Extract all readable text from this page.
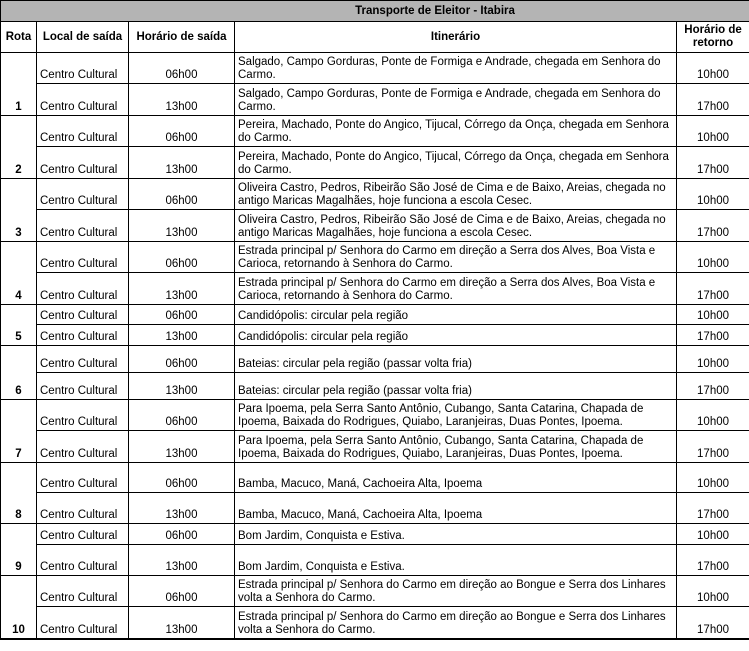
Transporte de Eleitor - Itabira				
Rota	Local de saída	Horário de saída	Itinerário	Horário de retorno
1	Centro Cultural	06h00	Salgado, Campo Gorduras, Ponte de Formiga e Andrade, chegada em Senhora do Carmo.	10h00
	Centro Cultural	13h00	Salgado, Campo Gorduras, Ponte de Formiga e Andrade, chegada em Senhora do Carmo.	17h00
2	Centro Cultural	06h00	Pereira, Machado, Ponte do Angico, Tijucal, Córrego da Onça, chegada em Senhora do Carmo.	10h00
	Centro Cultural	13h00	Pereira, Machado, Ponte do Angico, Tijucal, Córrego da Onça, chegada em Senhora do Carmo.	17h00
3	Centro Cultural	06h00	Oliveira Castro, Pedros, Ribeirão São José de Cima e de Baixo, Areias, chegada no antigo Maricas Magalhães, hoje funciona a escola Cesec.	10h00
	Centro Cultural	13h00	Oliveira Castro, Pedros, Ribeirão São José de Cima e de Baixo, Areias, chegada no antigo Maricas Magalhães, hoje funciona a escola Cesec.	17h00
4	Centro Cultural	06h00	Estrada principal p/ Senhora do Carmo em direção a Serra dos Alves, Boa Vista e Carioca, retornando à Senhora do Carmo.	10h00
	Centro Cultural	13h00	Estrada principal p/ Senhora do Carmo em direção a Serra dos Alves, Boa Vista e Carioca, retornando à Senhora do Carmo.	17h00
5	Centro Cultural	06h00	Candidópolis: circular pela região	10h00
	Centro Cultural	13h00	Candidópolis: circular pela região	17h00
6	Centro Cultural	06h00	Bateias: circular pela região (passar volta fria)	10h00
	Centro Cultural	13h00	Bateias: circular pela região (passar volta fria)	17h00
7	Centro Cultural	06h00	Para Ipoema, pela Serra Santo Antônio, Cubango, Santa Catarina, Chapada de Ipoema, Baixada do Rodrigues, Quiabo, Laranjeiras, Duas Pontes, Ipoema.	10h00
	Centro Cultural	13h00	Para Ipoema, pela Serra Santo Antônio, Cubango, Santa Catarina, Chapada de Ipoema, Baixada do Rodrigues, Quiabo, Laranjeiras, Duas Pontes, Ipoema.	17h00
8	Centro Cultural	06h00	Bamba, Macuco, Maná, Cachoeira Alta, Ipoema	10h00
	Centro Cultural	13h00	Bamba, Macuco, Maná, Cachoeira Alta, Ipoema	17h00
9	Centro Cultural	06h00	Bom Jardim, Conquista e Estiva.	10h00
	Centro Cultural	13h00	Bom Jardim, Conquista e Estiva.	17h00
10	Centro Cultural	06h00	Estrada principal p/ Senhora do Carmo em direção ao Bongue e Serra dos Linhares volta a Senhora do Carmo.	10h00
	Centro Cultural	13h00	Estrada principal p/ Senhora do Carmo em direção ao Bongue e Serra dos Linhares volta a Senhora do Carmo.	17h00
